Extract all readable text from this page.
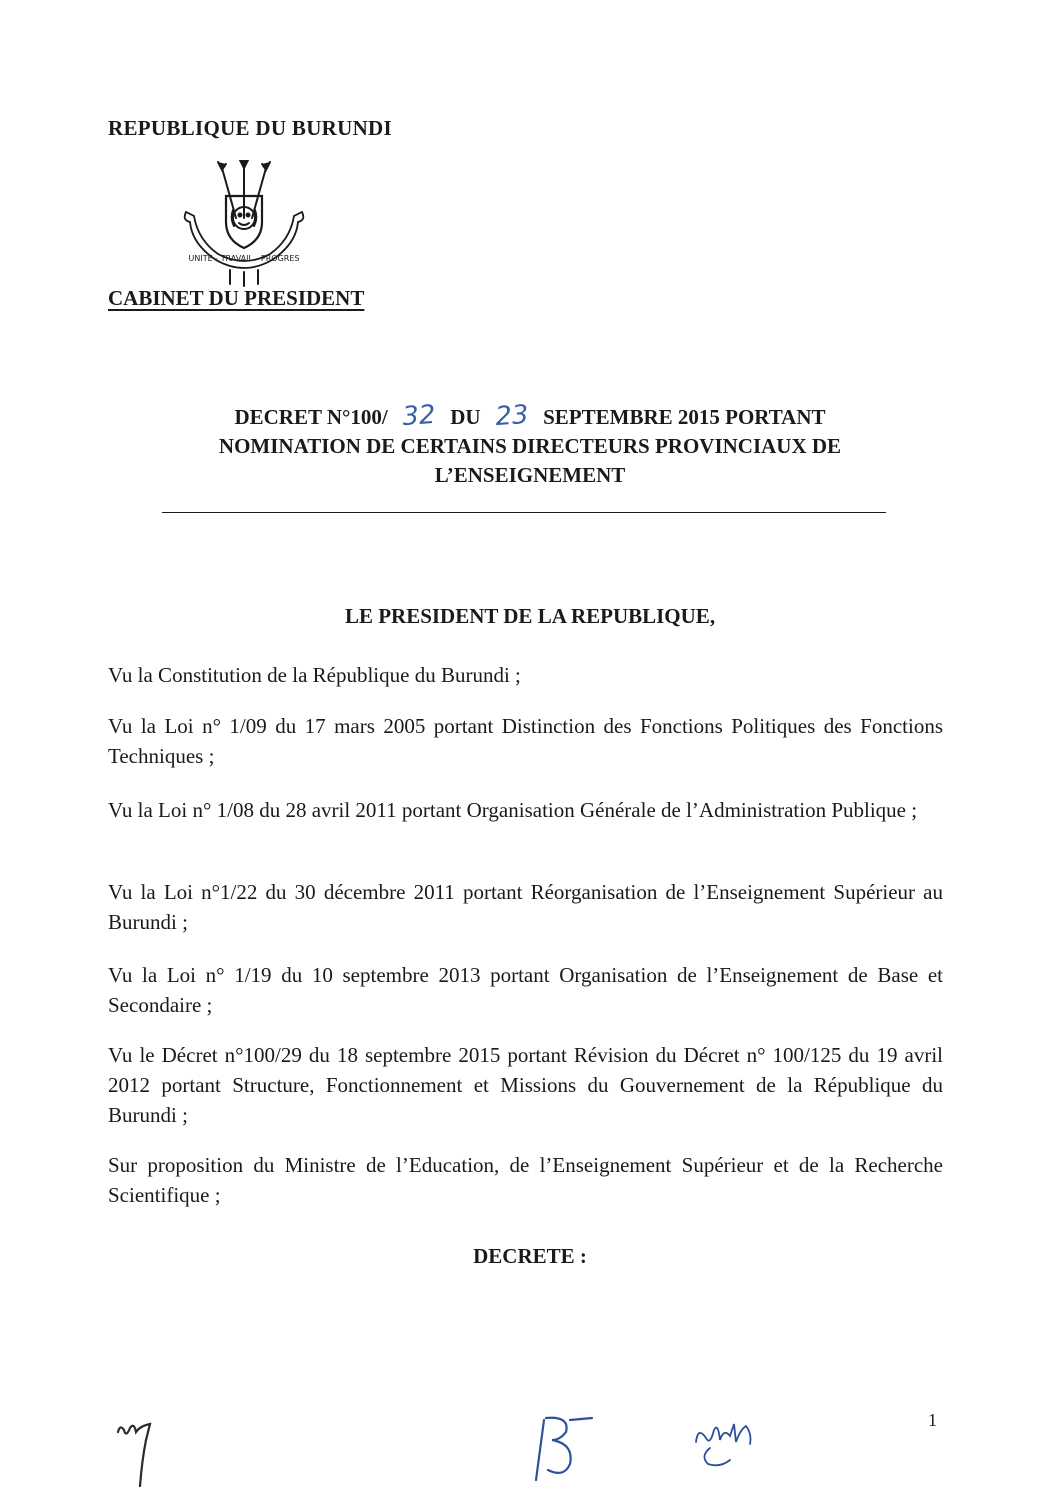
REPUBLIQUE DU BURUNDI
UNITE - TRAVAIL - PROGRES
CABINET DU PRESIDENT
DECRET N°100/ 32 DU 23 SEPTEMBRE 2015 PORTANT
NOMINATION DE CERTAINS DIRECTEURS PROVINCIAUX DE
L’ENSEIGNEMENT
LE PRESIDENT DE LA REPUBLIQUE,
Vu la Constitution de la République du Burundi ;
Vu la Loi n° 1/09 du 17 mars 2005 portant Distinction des Fonctions Politiques des Fonctions Techniques ;
Vu la Loi n° 1/08 du 28 avril 2011 portant Organisation Générale de l’Administration Publique ;
Vu la Loi n°1/22 du 30 décembre 2011 portant Réorganisation de l’Enseignement Supérieur au Burundi ;
Vu la Loi n° 1/19 du 10 septembre 2013 portant Organisation de l’Enseignement de Base et Secondaire ;
Vu le Décret n°100/29 du 18 septembre 2015 portant Révision du Décret n° 100/125 du 19 avril 2012 portant Structure, Fonctionnement et Missions du Gouvernement de la République du Burundi ;
Sur proposition du Ministre de l’Education, de l’Enseignement Supérieur et de la Recherche Scientifique ;
DECRETE :
1
